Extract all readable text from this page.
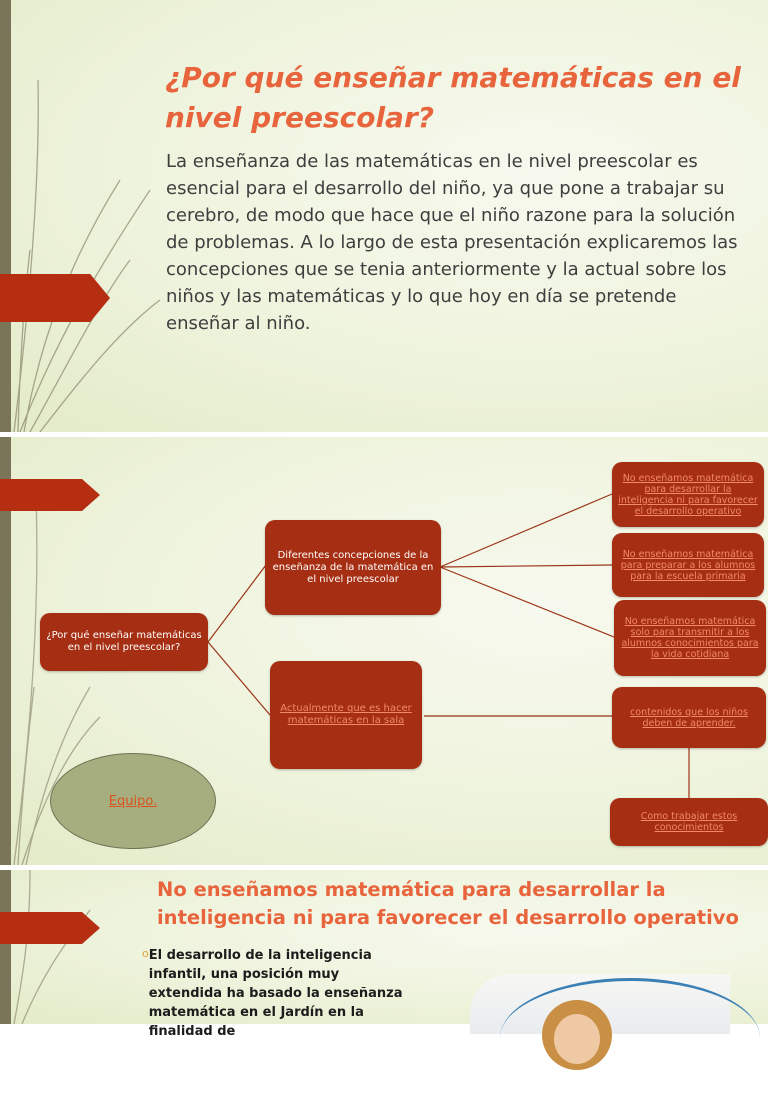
¿Por qué enseñar matemáticas en el nivel preescolar?

La enseñanza de las matemáticas en le nivel preescolar es esencial para el desarrollo del niño, ya que pone a trabajar su cerebro, de modo que hace que el niño razone para la solución de problemas. A lo largo de esta presentación explicaremos las concepciones que se tenia anteriormente y la actual sobre los niños y las matemáticas y lo que hoy en día se pretende enseñar al niño.

¿Por qué enseñar matemáticas en el nivel preescolar?
Diferentes concepciones de la enseñanza de la matemática en el nivel preescolar
Actualmente que es hacer matemáticas en la sala
No enseñamos matemática para desarrollar la inteligencia ni para favorecer el desarrollo operativo
No enseñamos matemática para preparar a los alumnos para la escuela primaria
No enseñamos matemática solo para transmitir a los alumnos conocimientos para la vida cotidiana
contenidos que los niños deben de aprender.
Como trabajar estos conocimientos
Equipo.
No enseñamos matemática para desarrollar la inteligencia ni para favorecer el desarrollo operativo
o El desarrollo de la inteligencia infantil, una posición muy extendida ha basado la enseñanza matemática en el Jardín en la finalidad de
